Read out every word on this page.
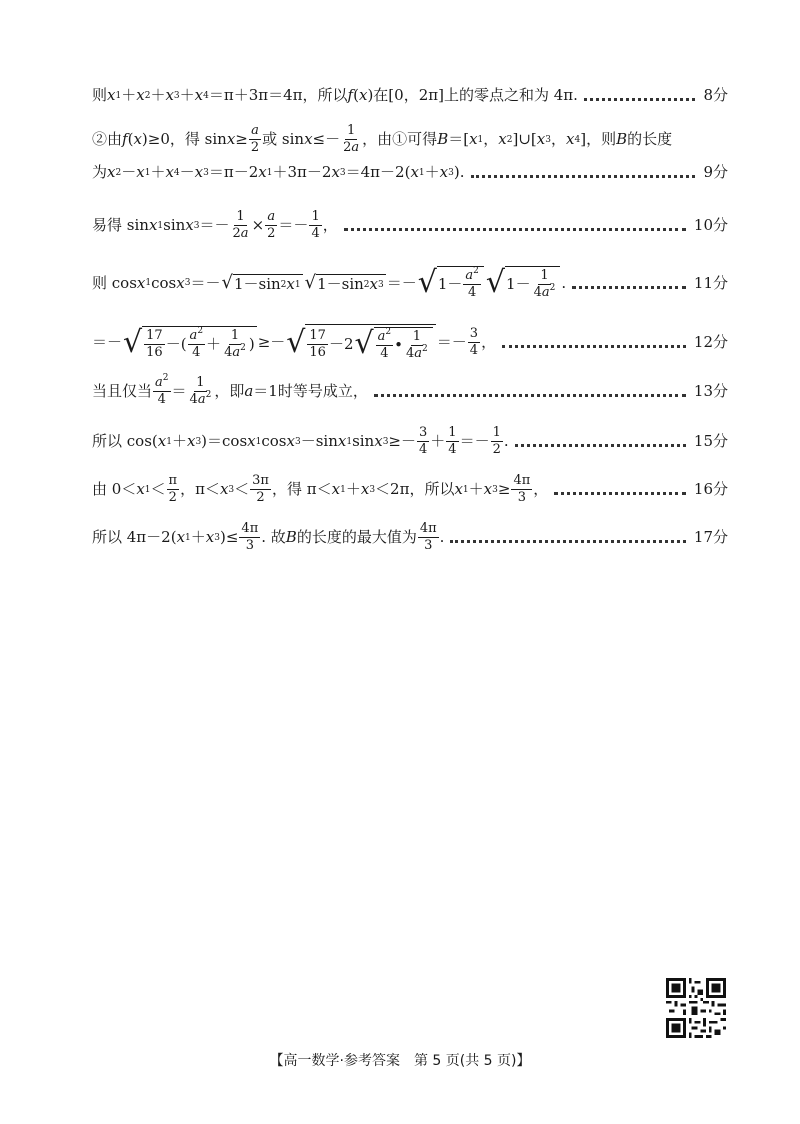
则 x 1 ＋ x 2 ＋ x 3 ＋ x 4 ＝π＋3π＝4π，所以 f ( x ) 在[0，2π]上的零点之和为 4π.	8分
②由 f ( x ) ≥0，得 $\sin x \ge \frac{a}{2}$ 或 $\sin x \le- \frac{1}{2a}$ ，由①可得 B ＝[ x 1 ， x 2 ]∪[ x 3 ， x 4 ] ，则 B 的长度
为 x 2 － x 1 ＋ x 4 － x 3 ＝π－2 x 1 ＋3π－2 x 3 ＝4π－2( x 1 ＋ x 3 ).	9分
易得 sin x 1 sin x $3 =- \frac{1}{2a} \times \frac{a}{2} =- \frac{1}{4}$ ，	10分
则 cos x 1 cos x 3 ＝－ √ 1－sin 2 x 1 √ 1－sin 2 x 3 ＝－ √ $1- \frac{a^2}{4}$ √ $1- \frac{1}{4a^2}$ .	11分
＝－ √ $\frac{17}{16}$ －( $\frac{a^2}{4} + \frac{1}{4a^2}$ ) ≥－ √ $\frac{17}{16} -2$ √ $\frac{a^2}{4}$ • $\frac{1}{4a^2} =- \frac{3}{4}$ ，	12分
当且仅当 $\frac{a^2}{4} = \frac{1}{4a^2}$ ，即 a ＝1 时等号成立，	13分
所以 cos( x 1 ＋ x 3 )＝cos x 1 cos x 3 －sin x 1 sin x $3 \ge- \frac{3}{4} + \frac{1}{4} =- \frac{1}{2}$ .	15分
由 0＜ x $1 < \frac{\pi}{2}$ ，π＜ x $3 < \frac{3\pi}{2}$ ，得 π＜ x 1 ＋ x 3 ＜2π，所以 x 1 ＋ x $3 \ge \frac{4\pi}{3}$ ，	16分
所以 4π－2( x 1 ＋ x 3 )≤ $\frac{4\pi}{3}$ . 故 B 的长度的最大值为 $\frac{4\pi}{3}$ .	17分
【高一数学·参考答案　第 5 页(共 5 页)】
